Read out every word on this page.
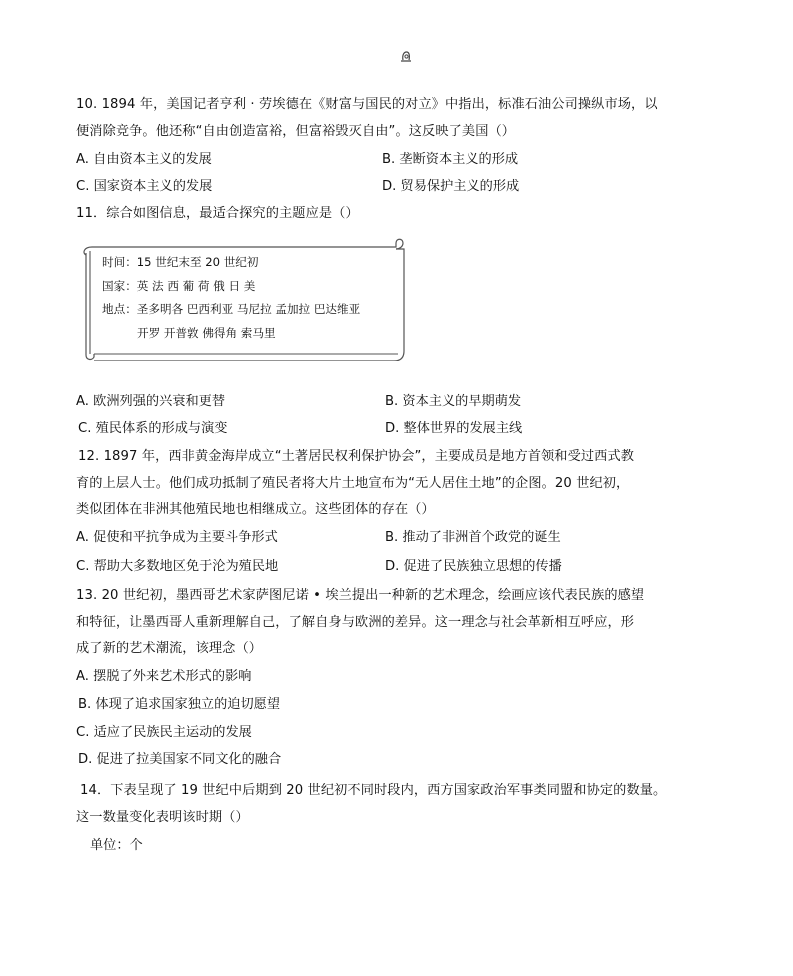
10. 1894 年，美国记者亨利 · 劳埃德在《财富与国民的对立》中指出，标准石油公司操纵市场，以
便消除竞争。他还称“自由创造富裕，但富裕毁灭自由”。这反映了美国（）
A. 自由资本主义的发展	B. 垄断资本主义的形成
C. 国家资本主义的发展	D. 贸易保护主义的形成
11．综合如图信息，最适合探究的主题应是（）
时间：15 世纪末至 20 世纪初
国家：英 法 西 葡 荷 俄 日 美
地点：圣多明各 巴西利亚 马尼拉 孟加拉 巴达维亚
开罗 开普敦 佛得角 索马里
A. 欧洲列强的兴衰和更替	B. 资本主义的早期萌发
C. 殖民体系的形成与演变	D. 整体世界的发展主线
12. 1897 年，西非黄金海岸成立“土著居民权利保护协会”，主要成员是地方首领和受过西式教
育的上层人士。他们成功抵制了殖民者将大片土地宣布为“无人居住土地”的企图。20 世纪初，
类似团体在非洲其他殖民地也相继成立。这些团体的存在（）
A. 促使和平抗争成为主要斗争形式	B. 推动了非洲首个政党的诞生
C. 帮助大多数地区免于沦为殖民地	D. 促进了民族独立思想的传播
13. 20 世纪初，墨西哥艺术家萨图尼诺 • 埃兰提出一种新的艺术理念，绘画应该代表民族的感望
和特征，让墨西哥人重新理解自己，了解自身与欧洲的差异。这一理念与社会革新相互呼应，形
成了新的艺术潮流，该理念（）
A. 摆脱了外来艺术形式的影响
B. 体现了追求国家独立的迫切愿望
C. 适应了民族民主运动的发展
D. 促进了拉美国家不同文化的融合
14．下表呈现了 19 世纪中后期到 20 世纪初不同时段内，西方国家政治军事类同盟和协定的数量。
这一数量变化表明该时期（）
单位：个
